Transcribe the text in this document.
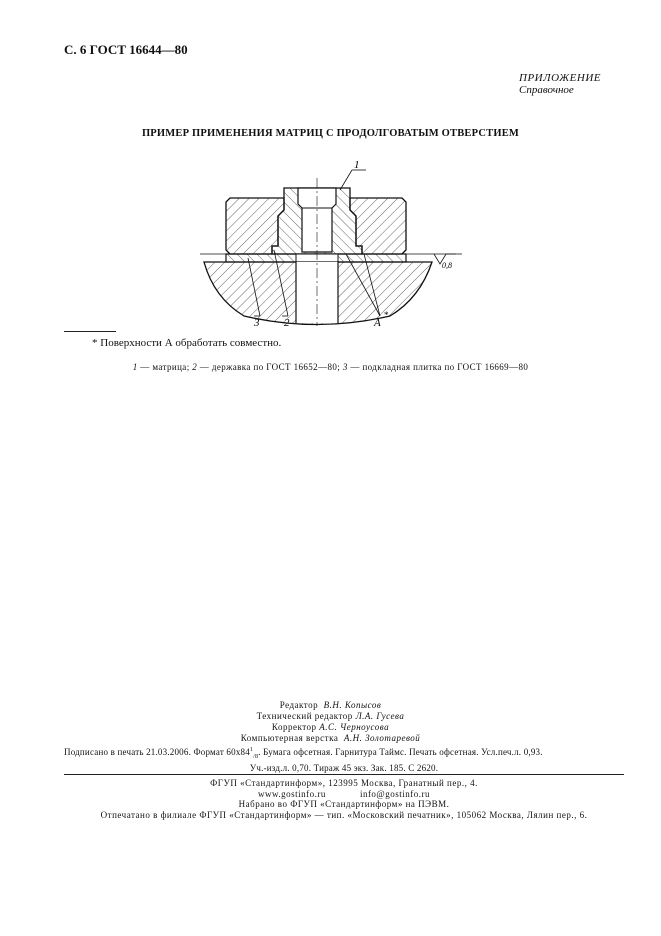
С. 6 ГОСТ 16644—80
ПРИЛОЖЕНИЕ
Справочное
ПРИМЕР ПРИМЕНЕНИЯ МАТРИЦ С ПРОДОЛГОВАТЫМ ОТВЕРСТИЕМ
1
3 2	А
*
0,8
* Поверхности А обработать совместно.
1 — матрица; 2 — державка по ГОСТ 16652—80; 3 — подкладная плитка по ГОСТ 16669—80
Редактор В.Н. Копысов
Технический редактор Л.А. Гусева
Корректор А.С. Черноусова
Компьютерная верстка А.Н. Золотаревой
Подписано в печать 21.03.2006. Формат $60х84^1_{/8}$. Бумага офсетная. Гарнитура Таймс. Печать офсетная. Усл.печ.л. 0,93.
Уч.-изд.л. 0,70. Тираж 45 экз. Зак. 185. С 2620.
ФГУП «Стандартинформ», 123995 Москва, Гранатный пер., 4.
www.gostinfo.ru	info@gostinfo.ru
Набрано во ФГУП «Стандартинформ» на ПЭВМ.
Отпечатано в филиале ФГУП «Стандартинформ» — тип. «Московский печатник», 105062 Москва, Лялин пер., 6.
